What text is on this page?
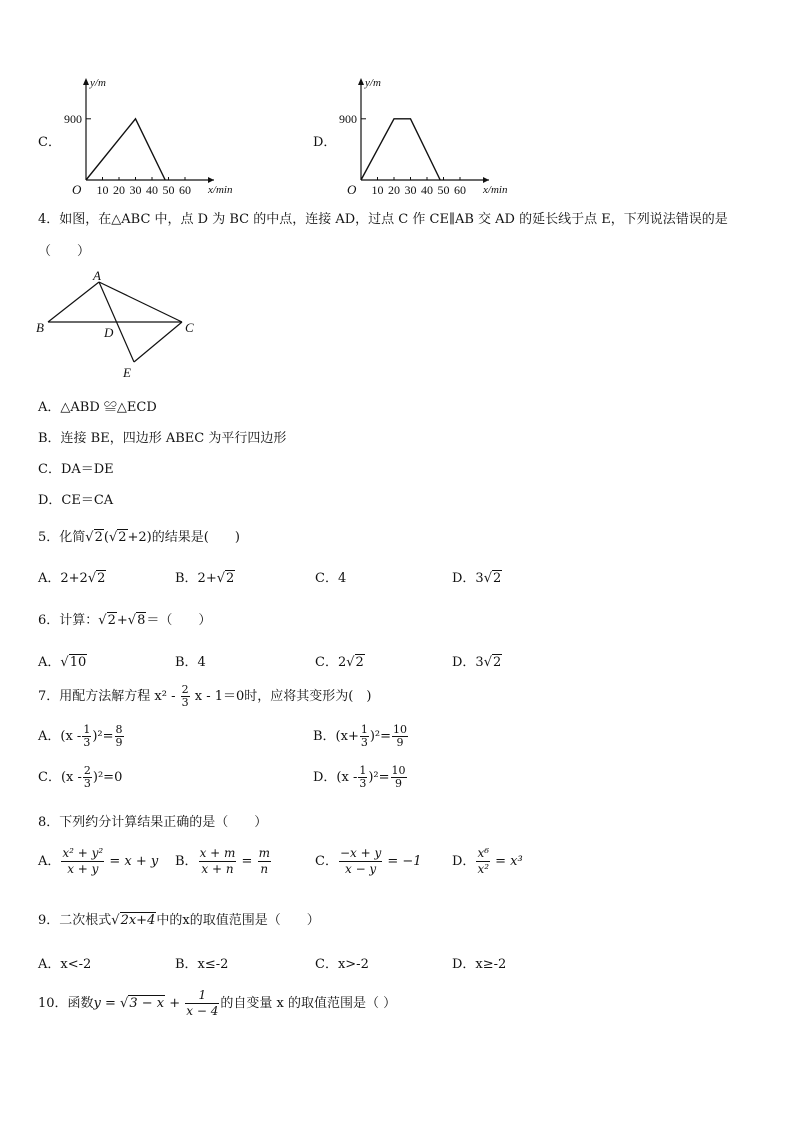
C．
y/m
x/min
O 10 20 30 40 50 60
900
D．
y/m
x/min
O 10 20 30 40 50 60
900
4．如图，在△ABC 中，点 D 为 BC 的中点，连接 AD，过点 C 作 CE∥AB 交 AD 的延长线于点 E，下列说法错误的是
（　　）
A
B	D	C
E
A．△ABD ≌△ECD
B．连接 BE，四边形 ABEC 为平行四边形
C．DA＝DE
D．CE＝CA
5．化简√2(√2+2)的结果是(　　)
A．2+2√2	B．2+√2	C．4	D．3√2
6．计算：√2+√8＝（　　）
A．√10	B．4	C．2√2	D．3√2
7．用配方法解方程 $x^2 - \frac{2}{3}$ x - 1＝0时，应将其变形为(　)
A．$(x - \frac{1}{3} )^2= \frac{8}{9}$	B．$(x+ \frac{1}{3} )^2= \frac{10}{9}$
C．$(x - \frac{2}{3} )^2=0$	D．$(x - \frac{1}{3} )^2= \frac{10}{9}$
8．下列约分计算结果正确的是（　　）
A． $\frac{\text{x² + y²}}{x + y} = x + y$ B． $\frac{x + m}{x + n} = \frac{m}{n}$	C． $\frac{-x + y}{x - y} = -1$ D． $\frac{\text{x⁶}}{\text{x²}} = x^3$
9．二次根式√2x+4中的x的取值范围是（　　）
A．x<-2	B．x≤-2	C．x>-2	D．x≥-2
10．函数$y = √3 - x + \frac{1}{x - 4}$ 的自变量 x 的取值范围是（ ）
